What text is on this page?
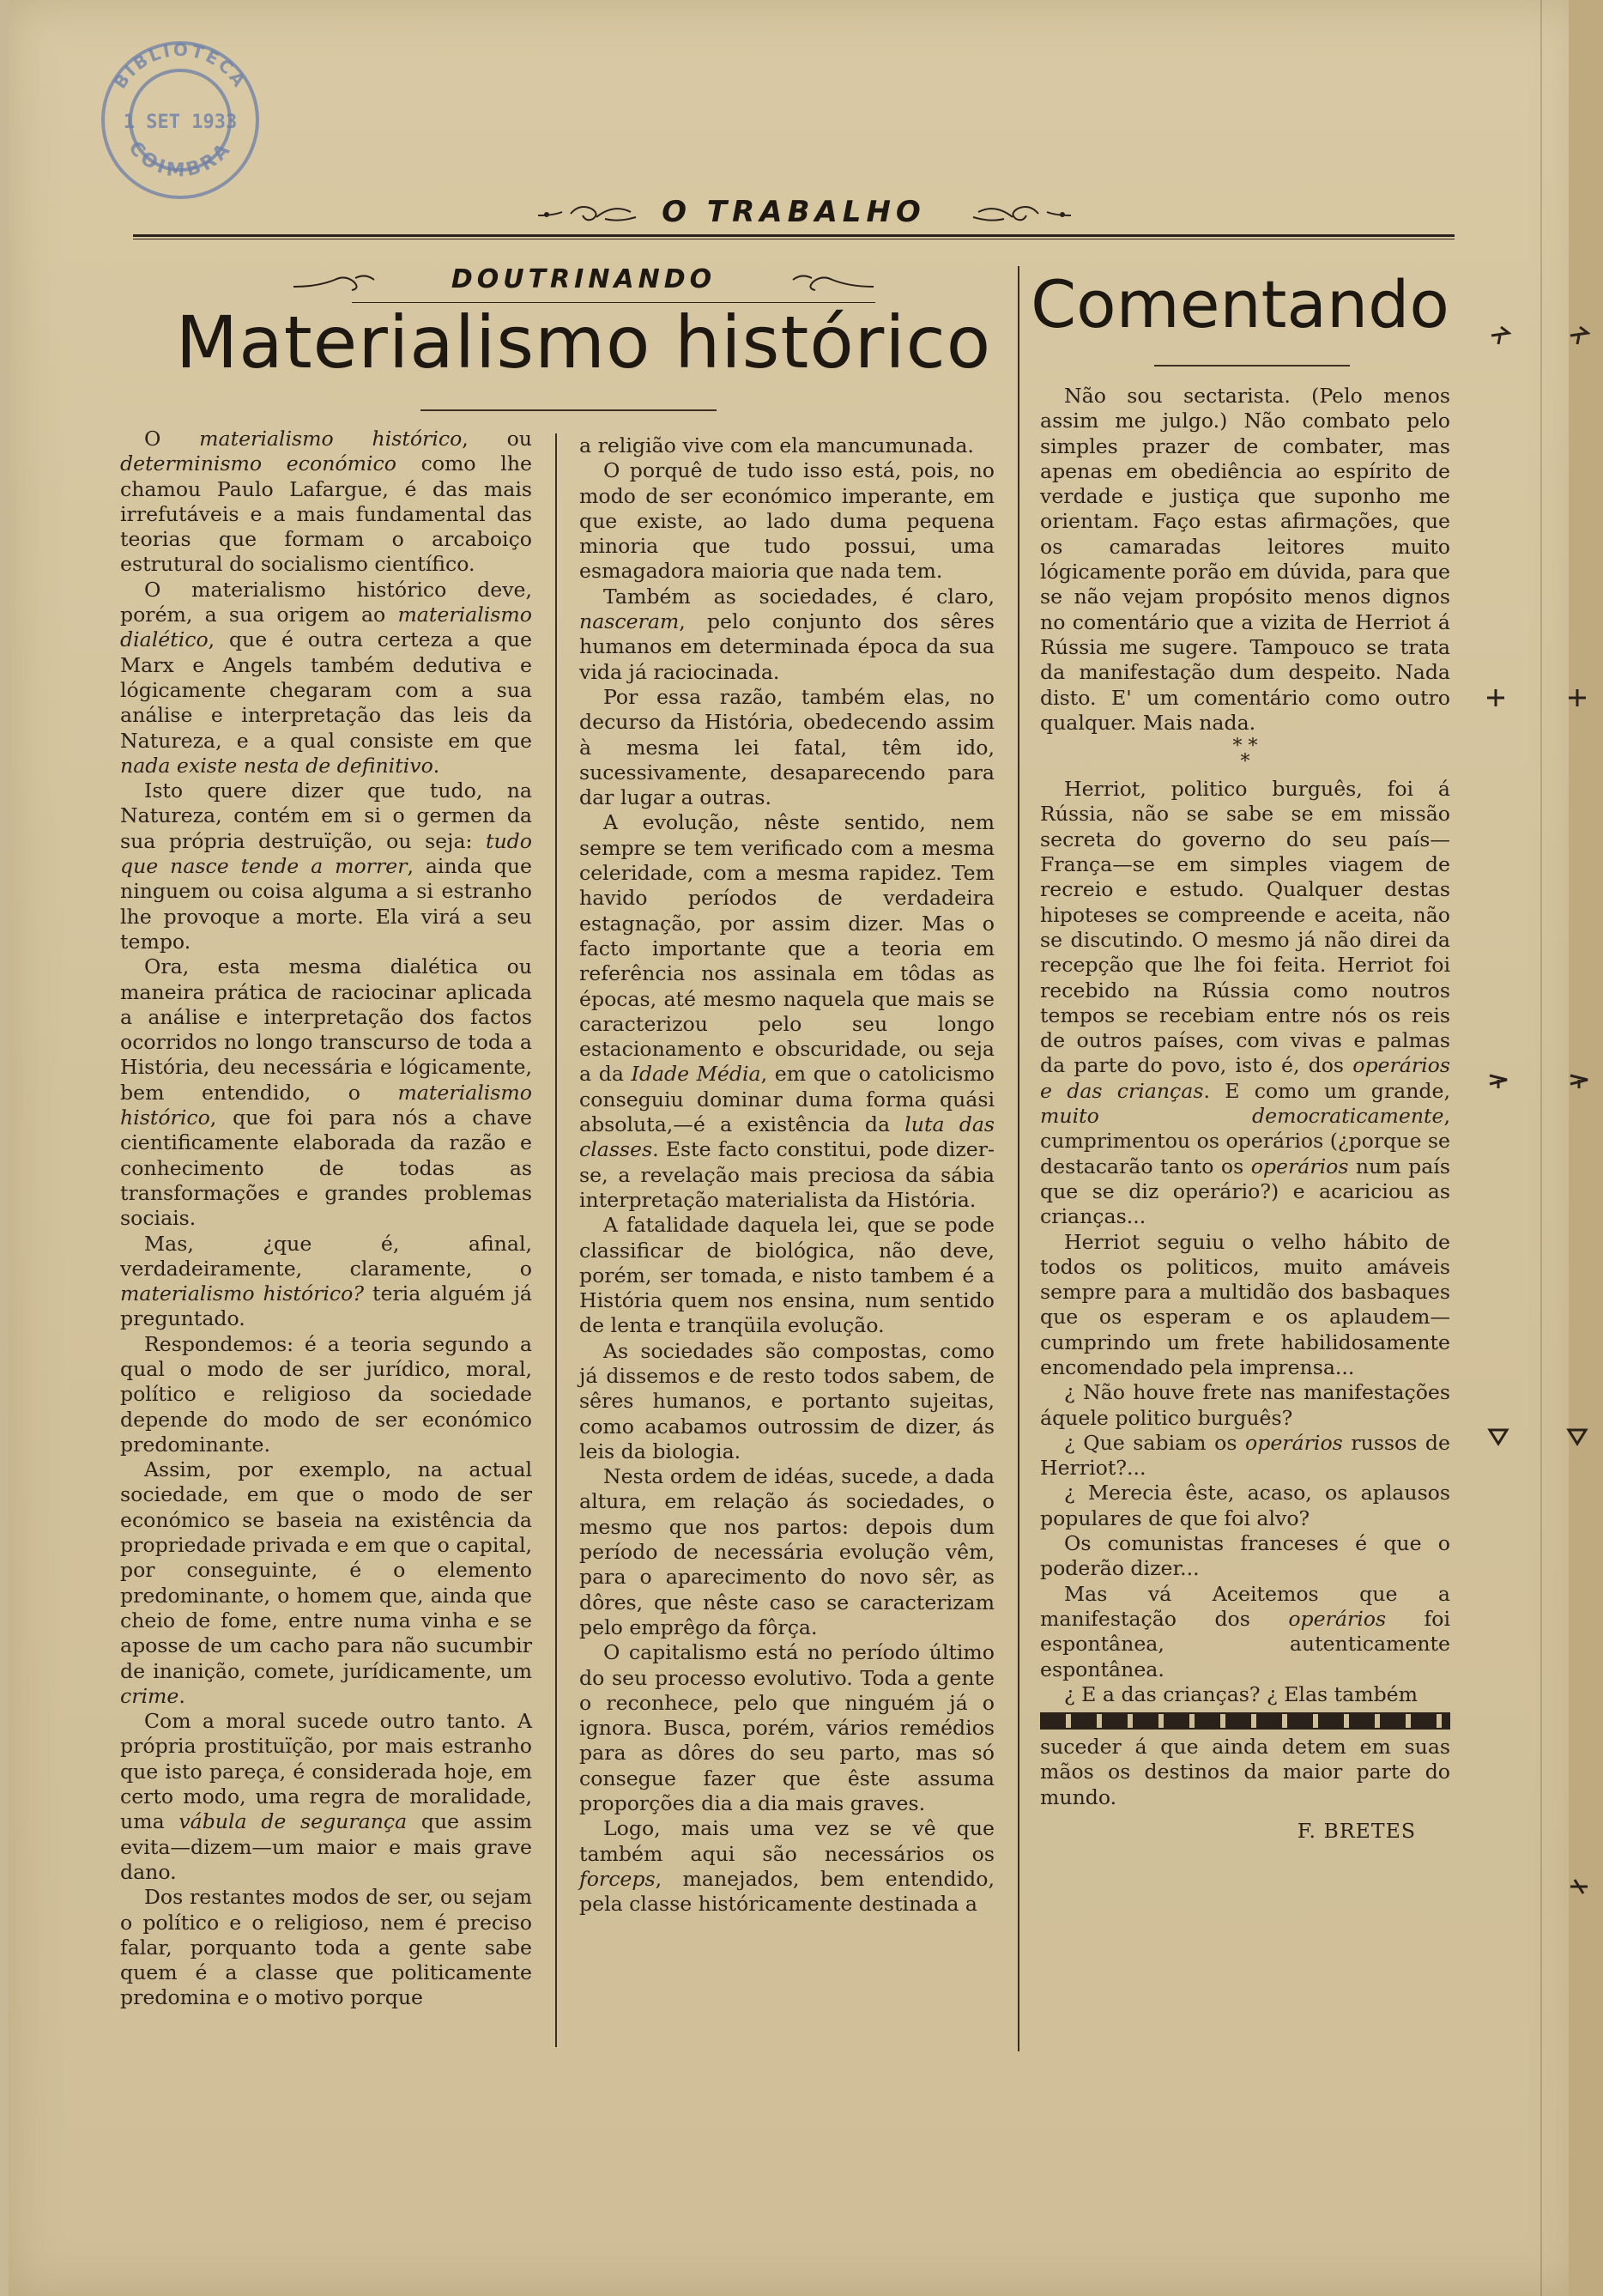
BIBLIOTECA
COIMBRA
1 SET 1933
O TRABALHO
DOUTRINANDO
Materialismo histórico

O materialismo histórico, ou determinismo económico como lhe chamou Paulo Lafargue, é das mais irrefutáveis e a mais fundamental das teorias que formam o arcaboiço estrutural do socialismo científico.

O materialismo histórico deve, porém, a sua origem ao materialismo dialético, que é outra certeza a que Marx e Angels também dedutiva e lógicamente chegaram com a sua análise e interpretação das leis da Natureza, e a qual consiste em que nada existe nesta de definitivo.

Isto quere dizer que tudo, na Natureza, contém em si o germen da sua própria destruïção, ou seja: tudo que nasce tende a morrer, ainda que ninguem ou coisa alguma a si estranho lhe provoque a morte. Ela virá a seu tempo.

Ora, esta mesma dialética ou maneira prática de raciocinar aplicada a análise e interpretação dos factos ocorridos no longo transcurso de toda a História, deu necessária e lógicamente, bem entendido, o materialismo histórico, que foi para nós a chave cientificamente elaborada da razão e conhecimento de todas as transformações e grandes problemas sociais.

Mas, ¿que é, afinal, verdadeiramente, claramente, o materialismo histórico? teria alguém já preguntado.

Respondemos: é a teoria segundo a qual o modo de ser jurídico, moral, político e religioso da sociedade depende do modo de ser económico predominante.

Assim, por exemplo, na actual sociedade, em que o modo de ser económico se baseia na existência da propriedade privada e em que o capital, por conseguinte, é o elemento predominante, o homem que, ainda que cheio de fome, entre numa vinha e se aposse de um cacho para não sucumbir de inanição, comete, jurídicamente, um crime.

Com a moral sucede outro tanto. A própria prostituïção, por mais estranho que isto pareça, é considerada hoje, em certo modo, uma regra de moralidade, uma vábula de segurança que assim evita—dizem—um maior e mais grave dano.

Dos restantes modos de ser, ou sejam o político e o religioso, nem é preciso falar, porquanto toda a gente sabe quem é a classe que politicamente predomina e o motivo porque

a religião vive com ela mancumunada.

O porquê de tudo isso está, pois, no modo de ser económico imperante, em que existe, ao lado duma pequena minoria que tudo possui, uma esmagadora maioria que nada tem.

Também as sociedades, é claro, nasceram, pelo conjunto dos sêres humanos em determinada época da sua vida já raciocinada.

Por essa razão, também elas, no decurso da História, obedecendo assim à mesma lei fatal, têm ido, sucessivamente, desaparecendo para dar lugar a outras.

A evolução, nêste sentido, nem sempre se tem verificado com a mesma celeridade, com a mesma rapidez. Tem havido períodos de verdadeira estagnação, por assim dizer. Mas o facto importante que a teoria em referência nos assinala em tôdas as épocas, até mesmo naquela que mais se caracterizou pelo seu longo estacionamento e obscuridade, ou seja a da Idade Média, em que o catolicismo conseguiu dominar duma forma quási absoluta,—é a existência da luta das classes. Este facto constitui, pode dizer-se, a revelação mais preciosa da sábia interpretação materialista da História.

A fatalidade daquela lei, que se pode classificar de biológica, não deve, porém, ser tomada, e nisto tambem é a História quem nos ensina, num sentido de lenta e tranqüila evolução.

As sociedades são compostas, como já dissemos e de resto todos sabem, de sêres humanos, e portanto sujeitas, como acabamos outrossim de dizer, ás leis da biologia.

Nesta ordem de idéas, sucede, a dada altura, em relação ás sociedades, o mesmo que nos partos: depois dum período de necessária evolução vêm, para o aparecimento do novo sêr, as dôres, que nêste caso se caracterizam pelo emprêgo da fôrça.

O capitalismo está no período último do seu processo evolutivo. Toda a gente o reconhece, pelo que ninguém já o ignora. Busca, porém, vários remédios para as dôres do seu parto, mas só consegue fazer que êste assuma proporções dia a dia mais graves.

Logo, mais uma vez se vê que também aqui são necessários os forceps, manejados, bem entendido, pela classe históricamente destinada a

Comentando

Não sou sectarista. (Pelo menos assim me julgo.) Não combato pelo simples prazer de combater, mas apenas em obediência ao espírito de verdade e justiça que suponho me orientam. Faço estas afirmações, que os camaradas leitores muito lógicamente porão em dúvida, para que se não vejam propósito menos dignos no comentário que a vizita de Herriot á Rússia me sugere. Tampouco se trata da manifestação dum despeito. Nada disto. E' um comentário como outro qualquer. Mais nada.

* *
*

Herriot, politico burguês, foi á Rússia, não se sabe se em missão secreta do governo do seu país—França—se em simples viagem de recreio e estudo. Qualquer destas hipoteses se compreende e aceita, não se discutindo. O mesmo já não direi da recepção que lhe foi feita. Herriot foi recebido na Rússia como noutros tempos se recebiam entre nós os reis de outros países, com vivas e palmas da parte do povo, isto é, dos operários e das crianças. E como um grande, muito democraticamente, cumprimentou os operários (¿porque se destacarão tanto os operários num país que se diz operário?) e acariciou as crianças...

Herriot seguiu o velho hábito de todos os politicos, muito amáveis sempre para a multidão dos basbaques que os esperam e os aplaudem—cumprindo um frete habilidosamente encomendado pela imprensa...

¿ Não houve frete nas manifestações áquele politico burguês?

¿ Que sabiam os operários russos de Herriot?...

¿ Merecia êste, acaso, os aplausos populares de que foi alvo?

Os comunistas franceses é que o poderão dizer...

Mas vá Aceitemos que a manifestação dos operários foi espontânea, autenticamente espontânea.

¿ E a das crianças? ¿ Elas também

suceder á que ainda detem em suas mãos os destinos da maior parte do mundo.

F. BRETES
